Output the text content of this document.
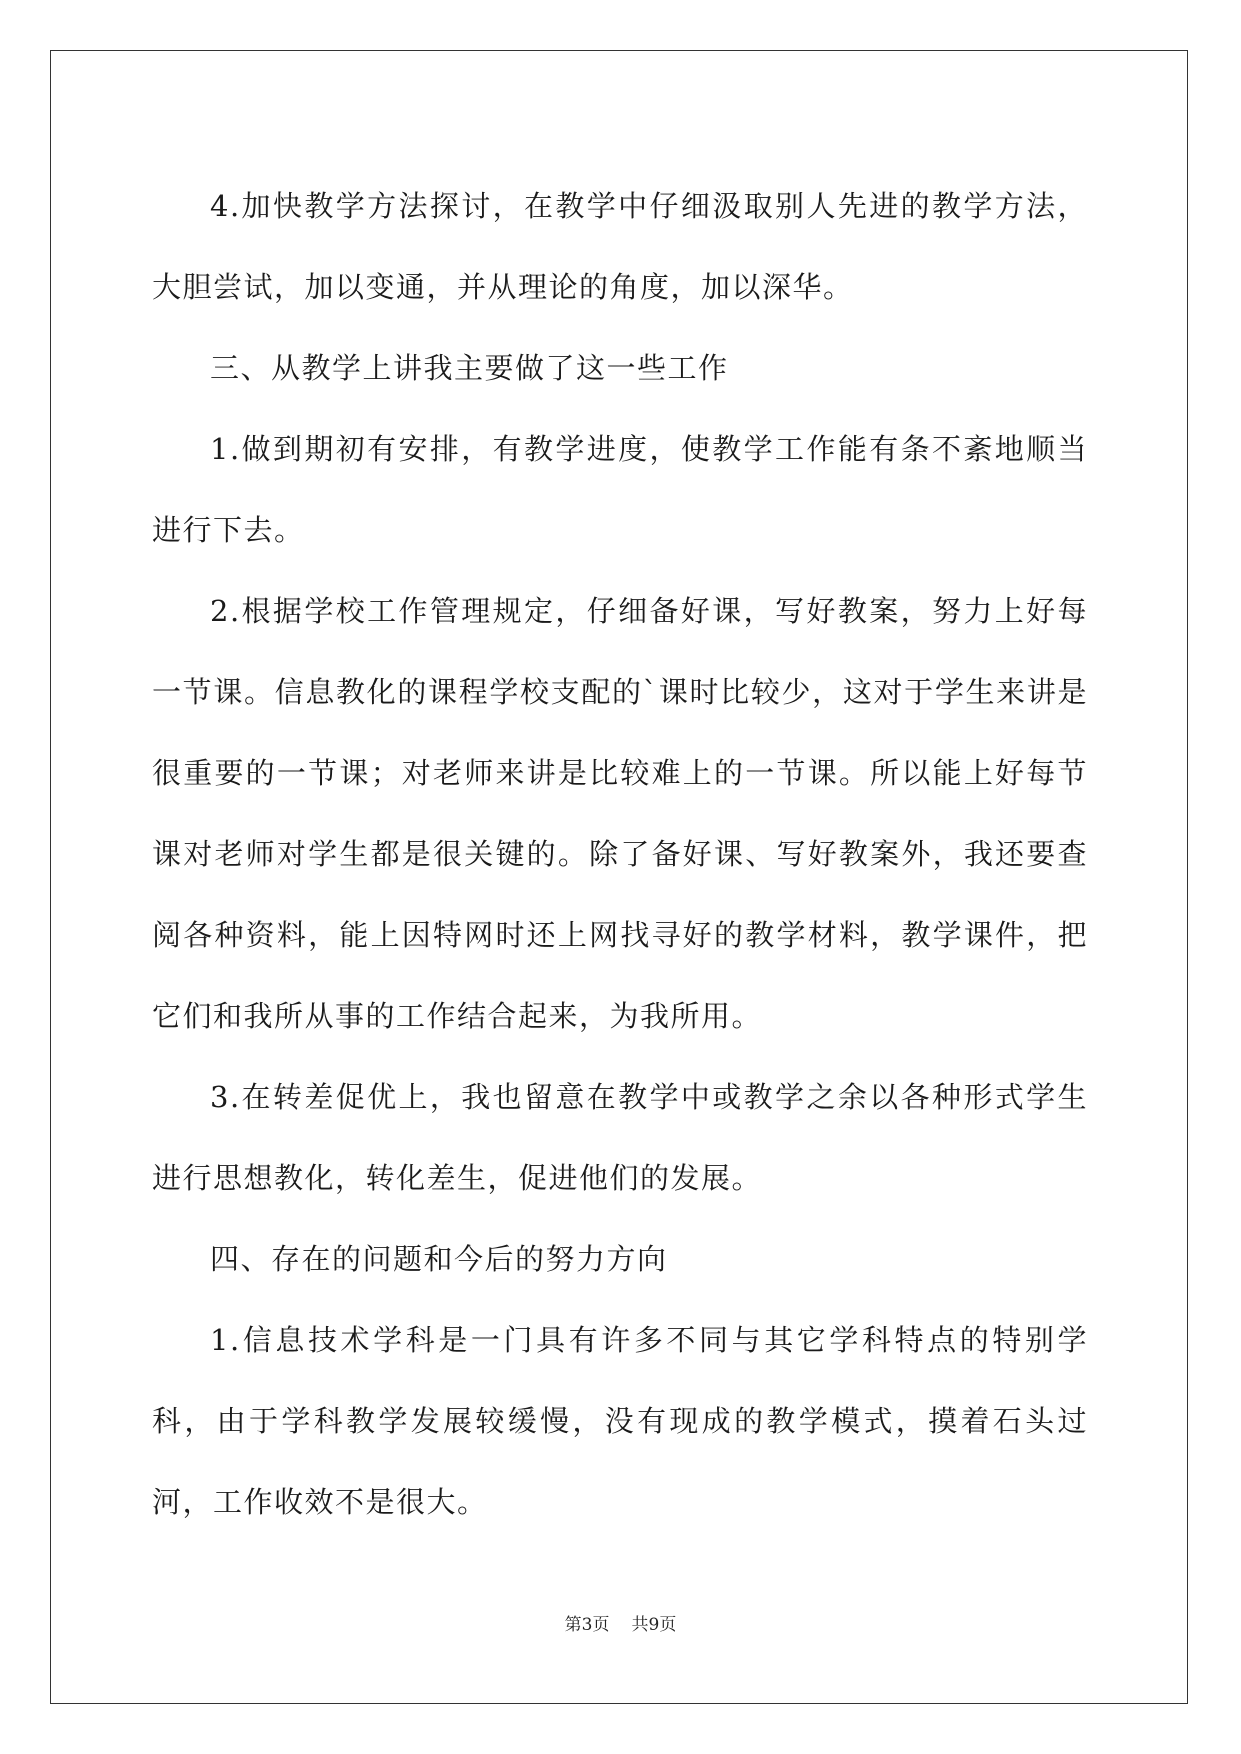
4.加快教学方法探讨，在教学中仔细汲取别人先进的教学方法，大胆尝试，加以变通，并从理论的角度，加以深华。

三、从教学上讲我主要做了这一些工作

1.做到期初有安排，有教学进度，使教学工作能有条不紊地顺当进行下去。

2.根据学校工作管理规定，仔细备好课，写好教案，努力上好每一节课。信息教化的课程学校支配的`课时比较少，这对于学生来讲是很重要的一节课；对老师来讲是比较难上的一节课。所以能上好每节课对老师对学生都是很关键的。除了备好课、写好教案外，我还要查阅各种资料，能上因特网时还上网找寻好的教学材料，教学课件，把它们和我所从事的工作结合起来，为我所用。

3.在转差促优上，我也留意在教学中或教学之余以各种形式学生进行思想教化，转化差生，促进他们的发展。

四、存在的问题和今后的努力方向

1.信息技术学科是一门具有许多不同与其它学科特点的特别学科，由于学科教学发展较缓慢，没有现成的教学模式，摸着石头过河，工作收效不是很大。

第3页 共9页
